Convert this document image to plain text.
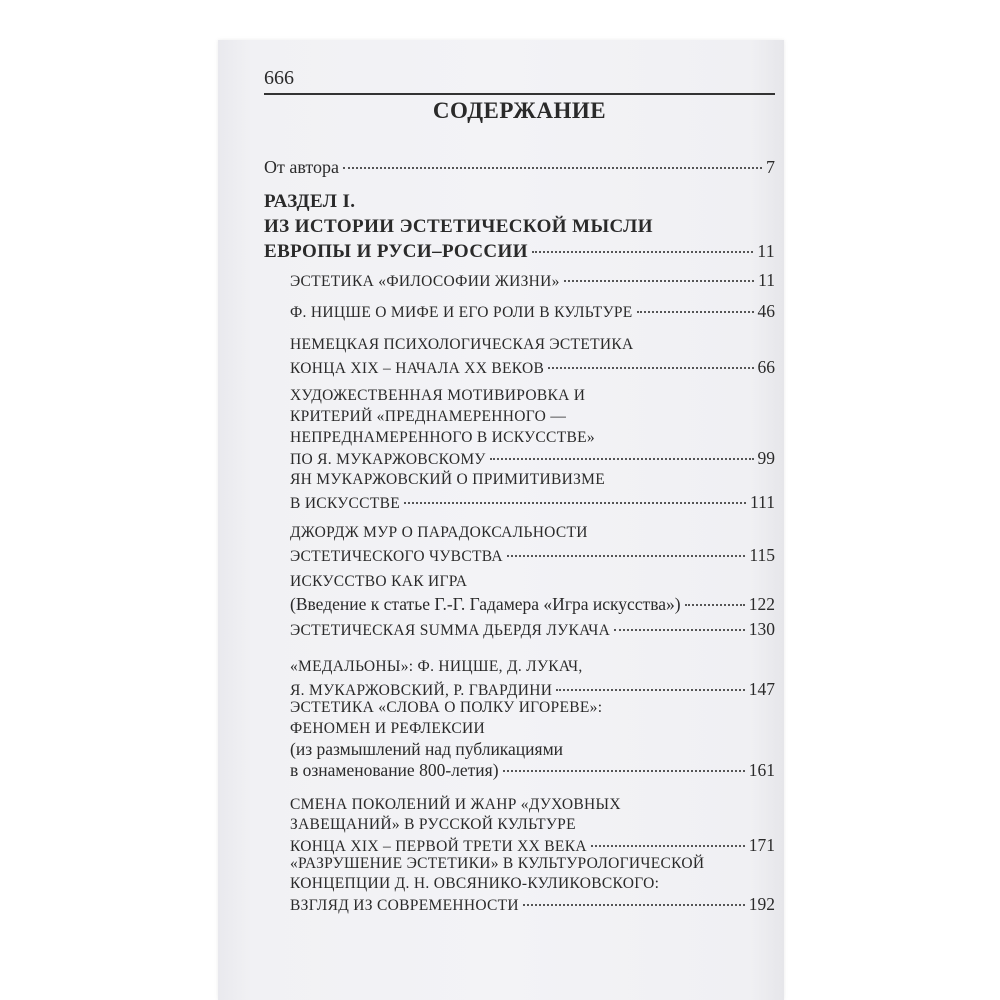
666
СОДЕРЖАНИЕ
От автора	7
РАЗДЕЛ I.
ИЗ ИСТОРИИ ЭСТЕТИЧЕСКОЙ МЫСЛИ
ЕВРОПЫ И РУСИ–РОССИИ	11
ЭСТЕТИКА «ФИЛОСОФИИ ЖИЗНИ»	11
Ф. НИЦШЕ О МИФЕ И ЕГО РОЛИ В КУЛЬТУРЕ	46
НЕМЕЦКАЯ ПСИХОЛОГИЧЕСКАЯ ЭСТЕТИКА
КОНЦА XIX – НАЧАЛА XX ВЕКОВ	66
ХУДОЖЕСТВЕННАЯ МОТИВИРОВКА И
КРИТЕРИЙ «ПРЕДНАМЕРЕННОГО —
НЕПРЕДНАМЕРЕННОГО В ИСКУССТВЕ»
ПО Я. МУКАРЖОВСКОМУ	99
ЯН МУКАРЖОВСКИЙ О ПРИМИТИВИЗМЕ
В ИСКУССТВЕ	111
ДЖОРДЖ МУР О ПАРАДОКСАЛЬНОСТИ
ЭСТЕТИЧЕСКОГО ЧУВСТВА	115
ИСКУССТВО КАК ИГРА
(Введение к статье Г.-Г. Гадамера «Игра искусства»)	122
ЭСТЕТИЧЕСКАЯ SUMMA ДЬЕРДЯ ЛУКАЧА	130
«МЕДАЛЬОНЫ»: Ф. НИЦШЕ, Д. ЛУКАЧ,
Я. МУКАРЖОВСКИЙ, Р. ГВАРДИНИ	147
ЭСТЕТИКА «СЛОВА О ПОЛКУ ИГОРЕВЕ»:
ФЕНОМЕН И РЕФЛЕКСИИ
(из размышлений над публикациями
в ознаменование 800-летия)	161
СМЕНА ПОКОЛЕНИЙ И ЖАНР «ДУХОВНЫХ
ЗАВЕЩАНИЙ» В РУССКОЙ КУЛЬТУРЕ
КОНЦА XIX – ПЕРВОЙ ТРЕТИ XX ВЕКА	171
«РАЗРУШЕНИЕ ЭСТЕТИКИ» В КУЛЬТУРОЛОГИЧЕСКОЙ
КОНЦЕПЦИИ Д. Н. ОВСЯНИКО-КУЛИКОВСКОГО:
ВЗГЛЯД ИЗ СОВРЕМЕННОСТИ	192
